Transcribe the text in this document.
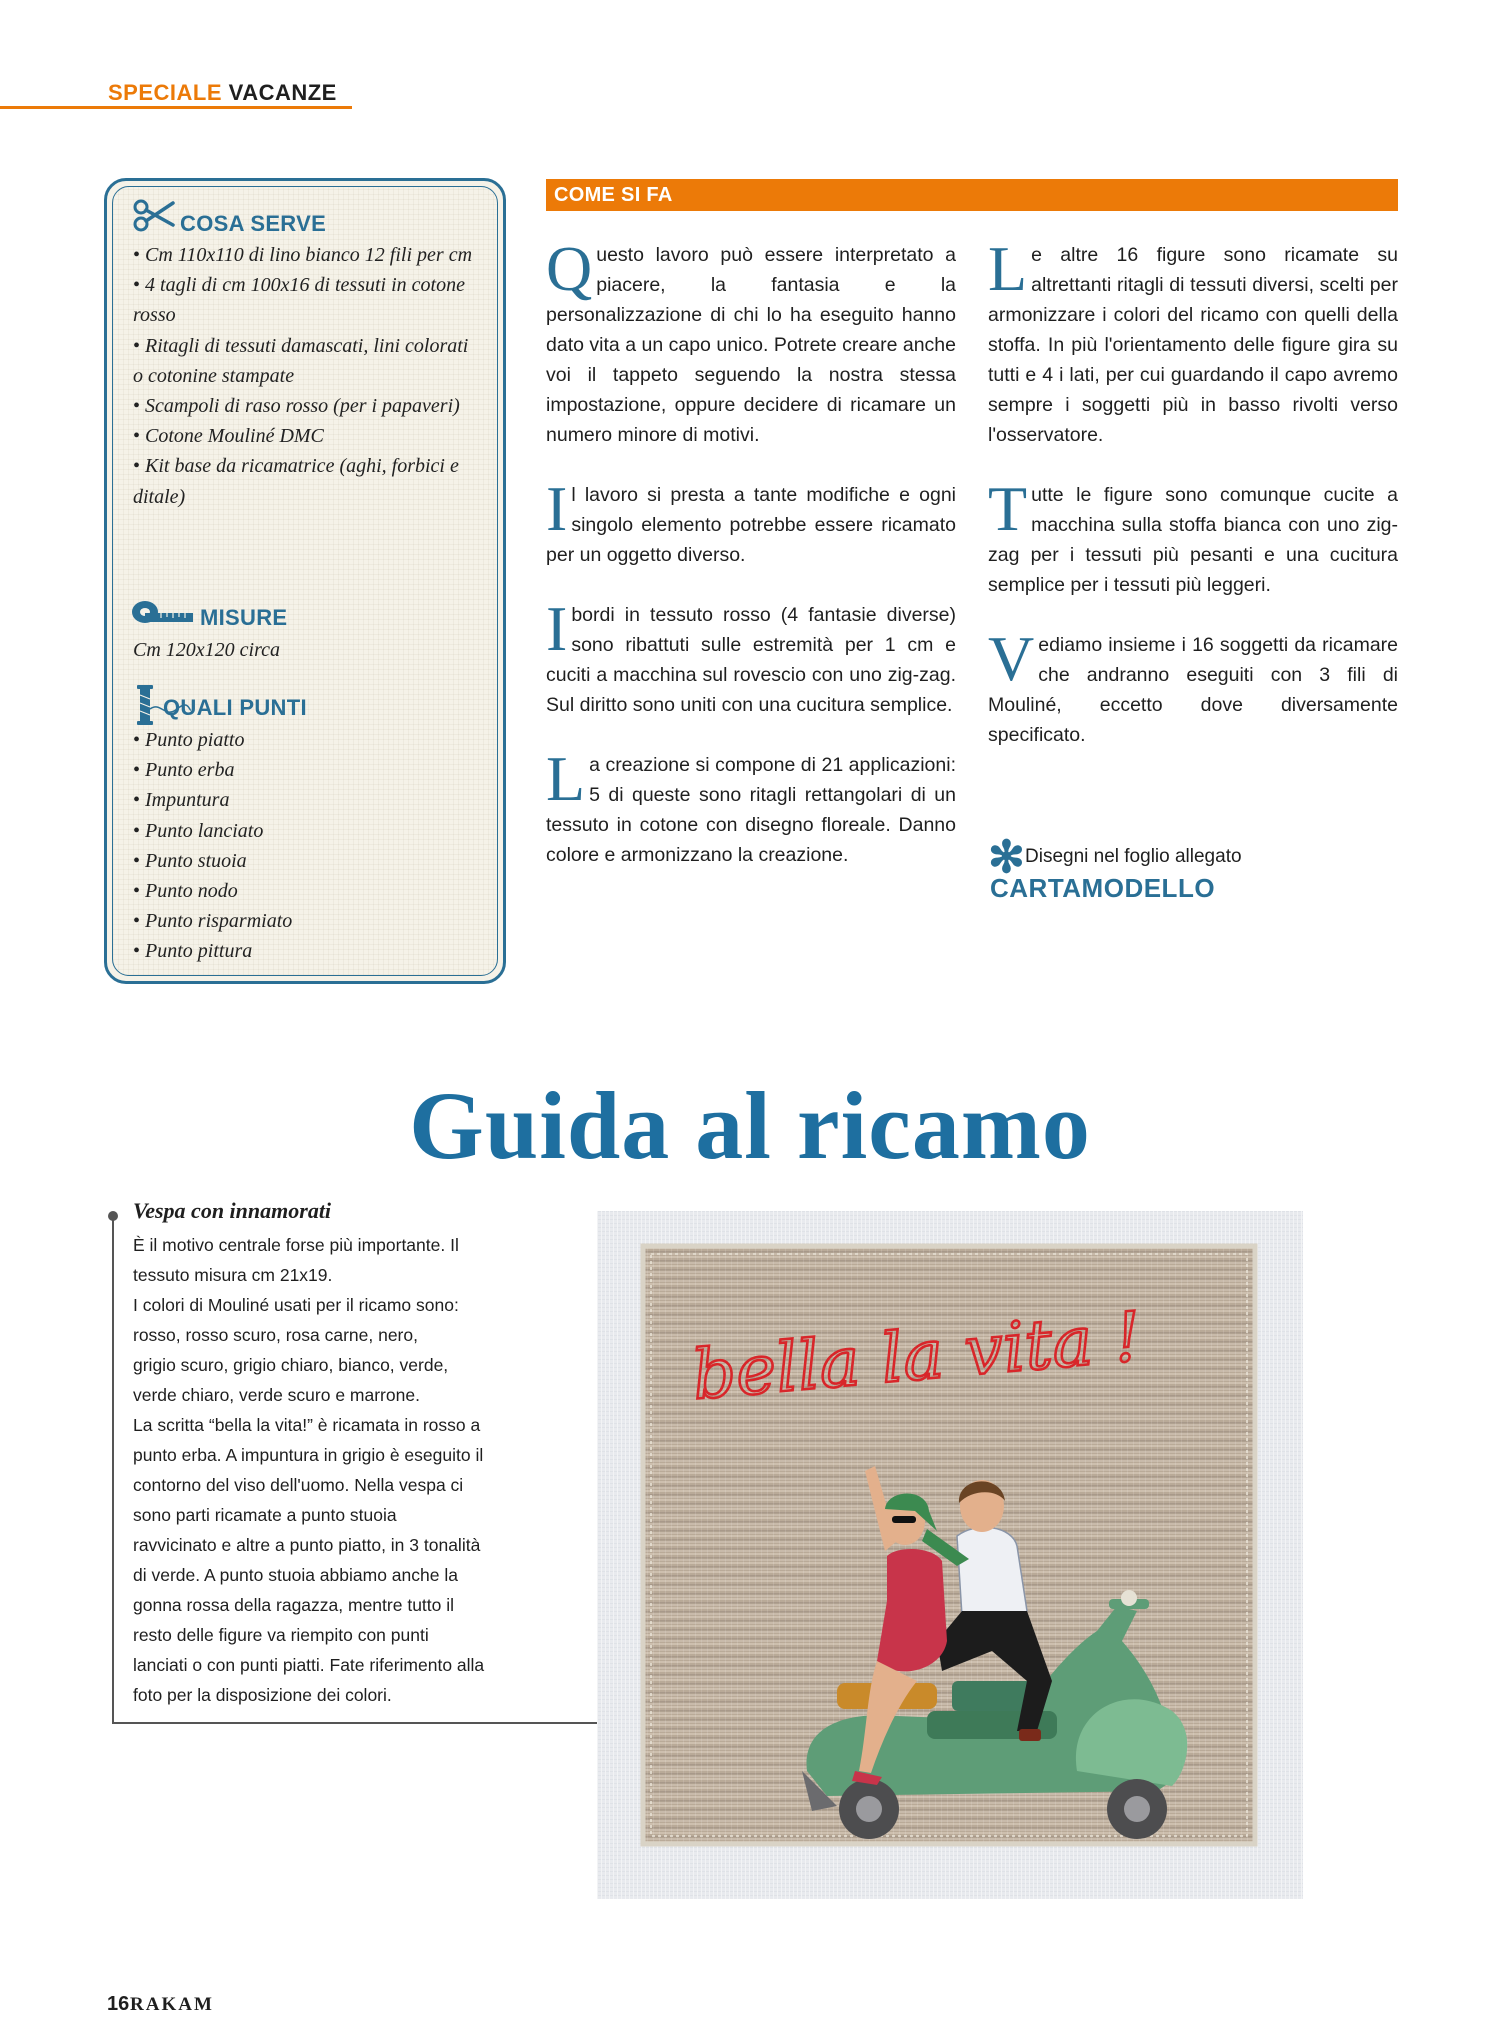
SPECIALE VACANZE
COSA SERVE
• Cm 110x110 di lino bianco 12 fili per cm
• 4 tagli di cm 100x16 di tessuti in cotone rosso
• Ritagli di tessuti damascati, lini colorati o cotonine stampate
• Scampoli di raso rosso (per i papaveri)
• Cotone Mouliné DMC
• Kit base da ricamatrice (aghi, forbici e ditale)
MISURE
Cm 120x120 circa
QUALI PUNTI
• Punto piatto
• Punto erba
• Impuntura
• Punto lanciato
• Punto stuoia
• Punto nodo
• Punto risparmiato
• Punto pittura
COME SI FA

Questo lavoro può essere interpretato a piacere, la fantasia e la personalizzazione di chi lo ha eseguito hanno dato vita a un capo unico. Potrete creare anche voi il tappeto seguendo la nostra stessa impostazione, oppure decidere di ricamare un numero minore di motivi.

Il lavoro si presta a tante modifiche e ogni singolo elemento potrebbe essere ricamato per un oggetto diverso.

I bordi in tessuto rosso (4 fantasie diverse) sono ribattuti sulle estremità per 1 cm e cuciti a macchina sul rovescio con uno zig-zag. Sul diritto sono uniti con una cucitura semplice.

La creazione si compone di 21 applicazioni: 5 di queste sono ritagli rettangolari di un tessuto in cotone con disegno floreale. Danno colore e armonizzano la creazione.

Le altre 16 figure sono ricamate su altrettanti ritagli di tessuti diversi, scelti per armonizzare i colori del ricamo con quelli della stoffa. In più l'orientamento delle figure gira su tutti e 4 i lati, per cui guardando il capo avremo sempre i soggetti più in basso rivolti verso l'osservatore.

Tutte le figure sono comunque cucite a macchina sulla stoffa bianca con uno zig-zag per i tessuti più pesanti e una cucitura semplice per i tessuti più leggeri.

Vediamo insieme i 16 soggetti da ricamare che andranno eseguiti con 3 fili di Mouliné, eccetto dove diversamente specificato.

✻ Disegni nel foglio allegato
CARTAMODELLO
Guida al ricamo
Vespa con innamorati
È il motivo centrale forse più importante. Il
tessuto misura cm 21x19.
I colori di Mouliné usati per il ricamo sono:
rosso, rosso scuro, rosa carne, nero,
grigio scuro, grigio chiaro, bianco, verde,
verde chiaro, verde scuro e marrone.
La scritta “bella la vita!” è ricamata in rosso a
punto erba. A impuntura in grigio è eseguito il
contorno del viso dell'uomo. Nella vespa ci
sono parti ricamate a punto stuoia
ravvicinato e altre a punto piatto, in 3 tonalità
di verde. A punto stuoia abbiamo anche la
gonna rossa della ragazza, mentre tutto il
resto delle figure va riempito con punti
lanciati o con punti piatti. Fate riferimento alla
foto per la disposizione dei colori.
bella la vita !
16 RAKAM
